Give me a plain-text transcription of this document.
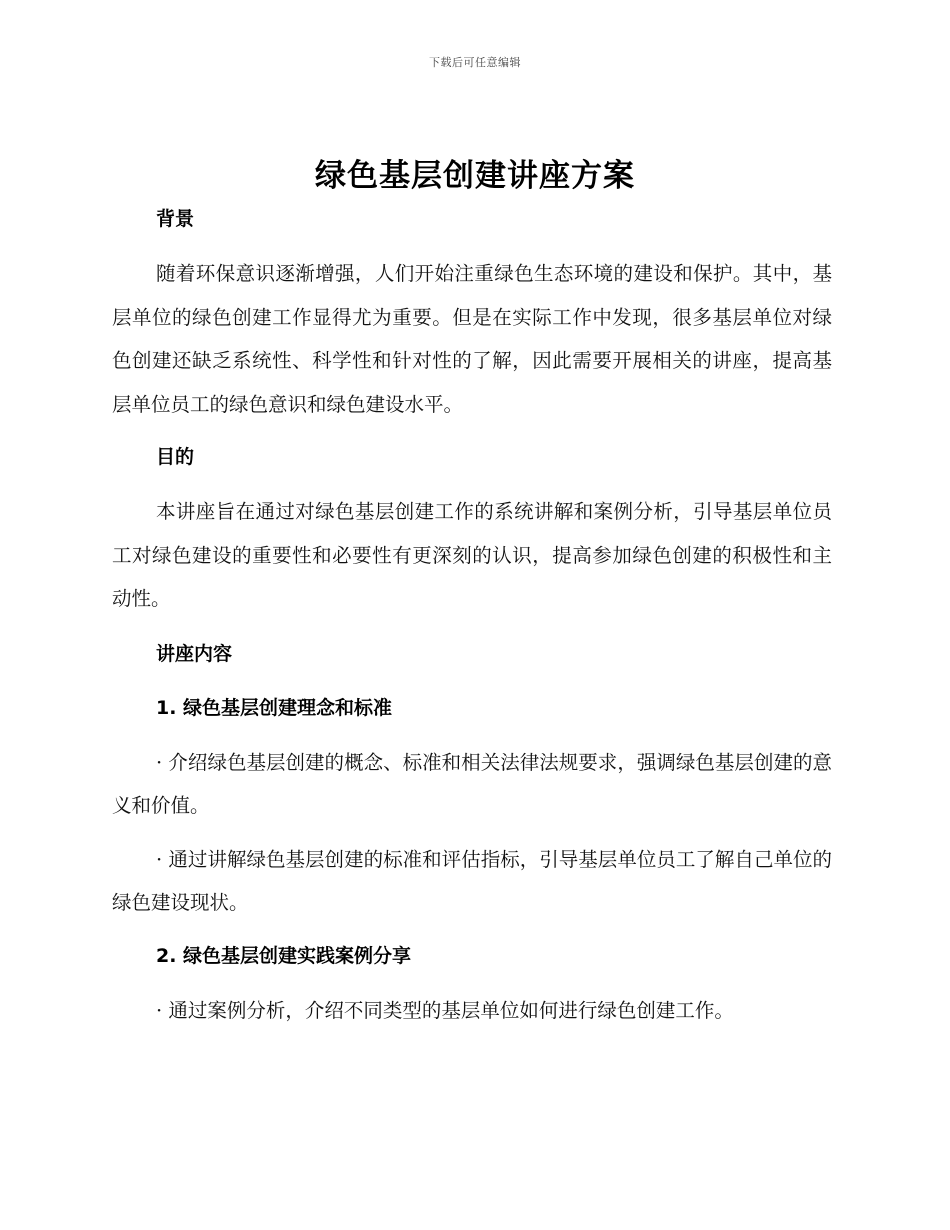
下载后可任意编辑
绿色基层创建讲座方案
背景

随着环保意识逐渐增强，人们开始注重绿色生态环境的建设和保护。其中，基层单位的绿色创建工作显得尤为重要。但是在实际工作中发现，很多基层单位对绿色创建还缺乏系统性、科学性和针对性的了解，因此需要开展相关的讲座，提高基层单位员工的绿色意识和绿色建设水平。

目的

本讲座旨在通过对绿色基层创建工作的系统讲解和案例分析，引导基层单位员工对绿色建设的重要性和必要性有更深刻的认识，提高参加绿色创建的积极性和主动性。

讲座内容
1. 绿色基层创建理念和标准

· 介绍绿色基层创建的概念、标准和相关法律法规要求，强调绿色基层创建的意义和价值。

· 通过讲解绿色基层创建的标准和评估指标，引导基层单位员工了解自己单位的绿色建设现状。

2. 绿色基层创建实践案例分享

· 通过案例分析，介绍不同类型的基层单位如何进行绿色创建工作。
